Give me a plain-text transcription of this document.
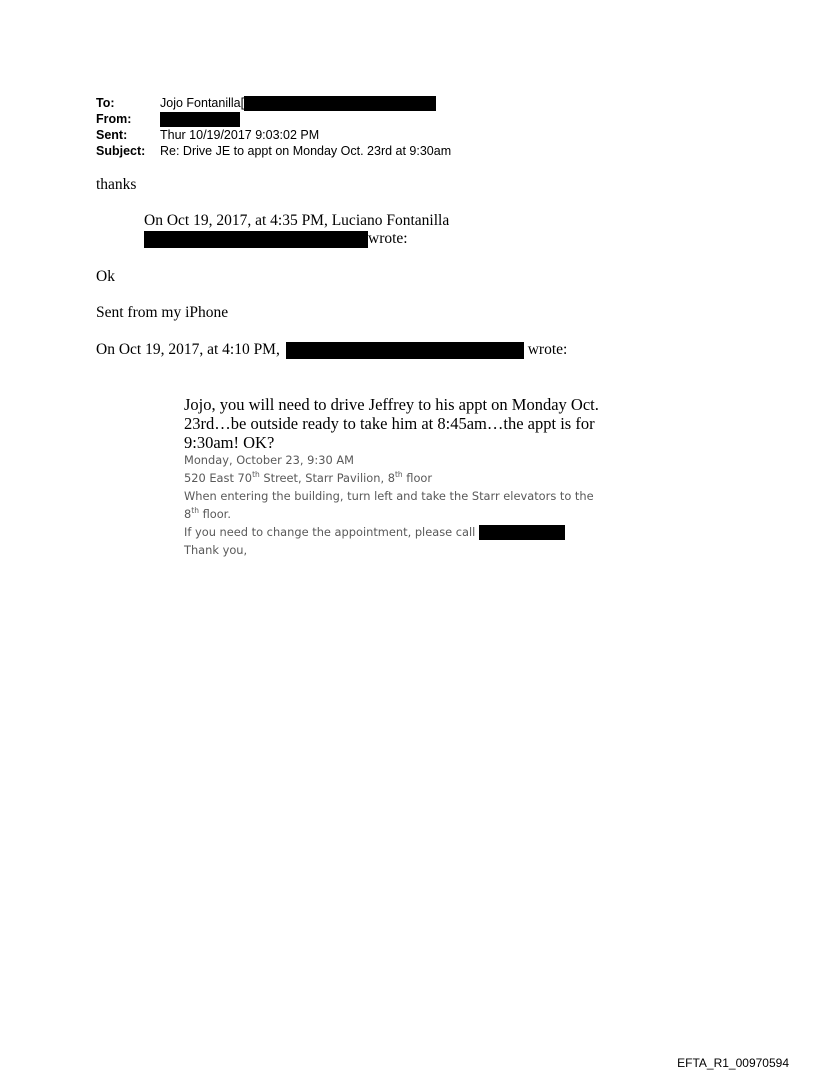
To:	Jojo Fontanilla[
From:
Sent:	Thur 10/19/2017 9:03:02 PM
Subject:	Re: Drive JE to appt on Monday Oct. 23rd at 9:30am
thanks
On Oct 19, 2017, at 4:35 PM, Luciano Fontanilla
wrote:
Ok
Sent from my iPhone
On Oct 19, 2017, at 4:10 PM,	wrote:
Jojo, you will need to drive Jeffrey to his appt on Monday Oct.
23rd…be outside ready to take him at 8:45am…the appt is for
9:30am! OK?
Monday, October 23, 9:30 AM
520 East 70th Street, Starr Pavilion, 8th floor
When entering the building, turn left and take the Starr elevators to the
8th floor.
If you need to change the appointment, please call
Thank you,
EFTA_R1_00970594
